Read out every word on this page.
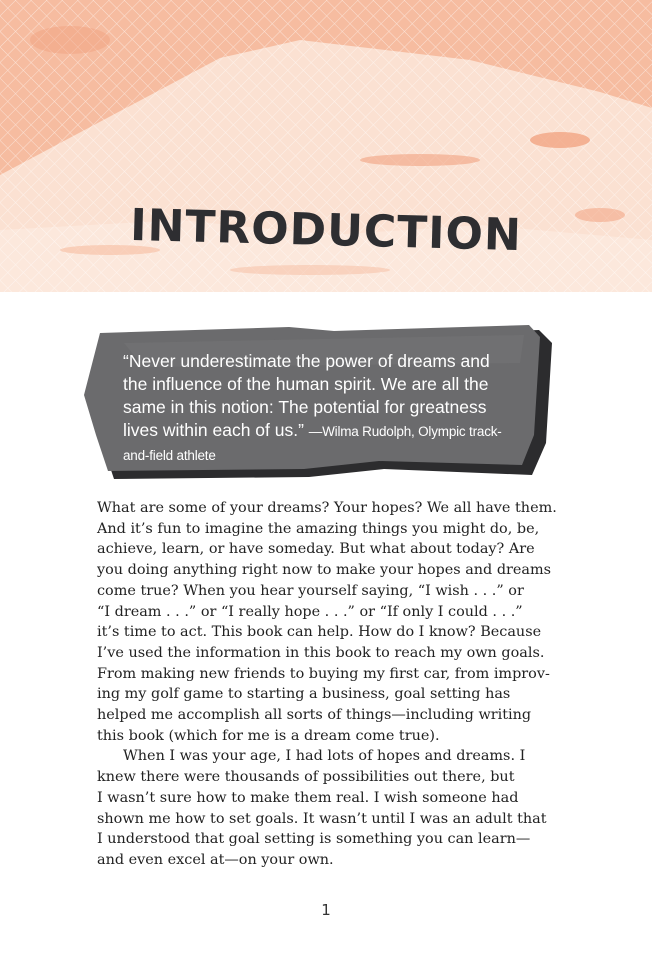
INTRODUCTION

“Never underestimate the power of dreams and the influence of the human spirit. We are all the same in this notion: The potential for greatness lives within each of us.” —Wilma Rudolph, Olympic track-and-field athlete

What are some of your dreams? Your hopes? We all have them.
And it’s fun to imagine the amazing things you might do, be,
achieve, learn, or have someday. But what about today? Are
you doing anything right now to make your hopes and dreams
come true? When you hear yourself saying, “I wish . . .” or
“I dream . . .” or “I really hope . . .” or “If only I could . . .”
it’s time to act. This book can help. How do I know? Because
I’ve used the information in this book to reach my own goals.
From making new friends to buying my first car, from improv-
ing my golf game to starting a business, goal setting has
helped me accomplish all sorts of things—including writing
this book (which for me is a dream come true).

When I was your age, I had lots of hopes and dreams. I
knew there were thousands of possibilities out there, but
I wasn’t sure how to make them real. I wish someone had
shown me how to set goals. It wasn’t until I was an adult that
I understood that goal setting is something you can learn—
and even excel at—on your own.

1
